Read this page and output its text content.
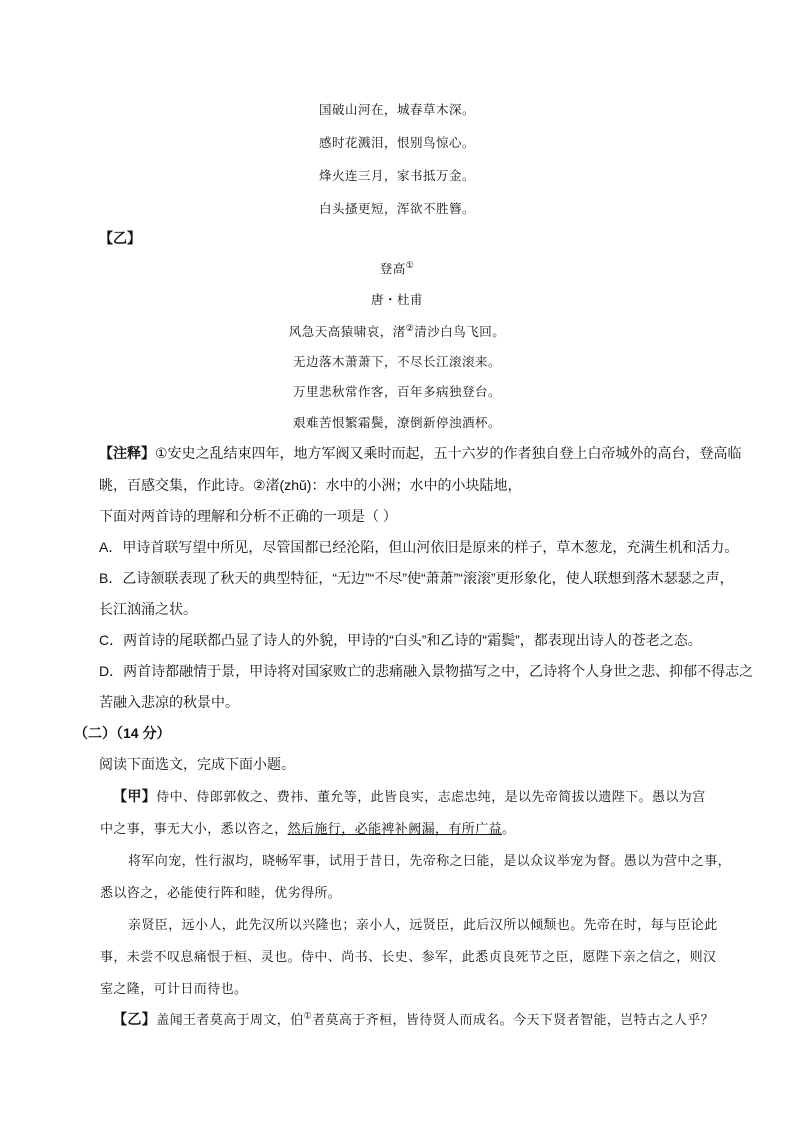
国破山河在，城春草木深。
感时花溅泪，恨别鸟惊心。
烽火连三月，家书抵万金。
白头搔更短，浑欲不胜簪。
【乙】
登高①
唐・杜甫
风急天高猿啸哀，渚②清沙白鸟飞回。
无边落木萧萧下，不尽长江滚滚来。
万里悲秋常作客，百年多病独登台。
艰难苦恨繁霜鬓，潦倒新停浊酒杯。
【注释】①安史之乱结束四年，地方军阀又乘时而起，五十六岁的作者独自登上白帝城外的高台，登高临
眺，百感交集，作此诗。②渚(zhǔ)：水中的小洲；水中的小块陆地，
下面对两首诗的理解和分析不正确的一项是（ ）
A．甲诗首联写望中所见，尽管国都已经沦陷，但山河依旧是原来的样子，草木葱龙，充满生机和活力。
B．乙诗颔联表现了秋天的典型特征，“无边”“不尽”使“萧萧”“滚滚”更形象化，使人联想到落木瑟瑟之声，
长江汹涌之状。
C．两首诗的尾联都凸显了诗人的外貌，甲诗的“白头”和乙诗的“霜鬓”，都表现出诗人的苍老之态。
D．两首诗都融情于景，甲诗将对国家败亡的悲痛融入景物描写之中，乙诗将个人身世之悲、抑郁不得志之
苦融入悲凉的秋景中。
（二）（14 分）
阅读下面选文，完成下面小题。
【甲】侍中、侍郎郭攸之、费祎、董允等，此皆良实，志虑忠纯，是以先帝简拔以遗陛下。愚以为宫
中之事，事无大小，悉以咨之，然后施行，必能裨补阙漏，有所广益。
将军向宠，性行淑均，晓畅军事，试用于昔日，先帝称之曰能，是以众议举宠为督。愚以为营中之事，
悉以咨之，必能使行阵和睦，优劣得所。
亲贤臣，远小人，此先汉所以兴隆也；亲小人，远贤臣，此后汉所以倾颓也。先帝在时，每与臣论此
事，未尝不叹息痛恨于桓、灵也。侍中、尚书、长史、参军，此悉贞良死节之臣，愿陛下亲之信之，则汉
室之隆，可计日而待也。
【乙】盖闻王者莫高于周文，伯①者莫高于齐桓，皆待贤人而成名。今天下贤者智能，岂特古之人乎？
